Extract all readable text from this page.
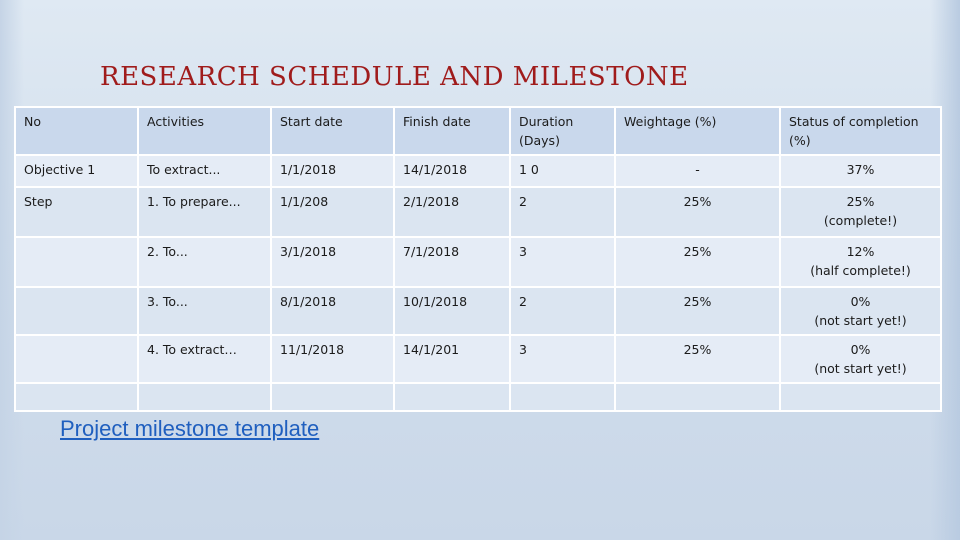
RESEARCH SCHEDULE AND MILESTONE
No	Activities	Start date	Finish date	Duration
(Days)	Weightage (%)	Status of completion
(%)

Objective 1	To extract...	1/1/2018	14/1/2018	1 0	-	37%

Step	1. To prepare...	1/1/208	2/1/2018	2	25%	25%
(complete!)

	2. To...	3/1/2018	7/1/2018	3	25%	12%
(half complete!)

	3. To...	8/1/2018	10/1/2018	2	25%	0%
(not start yet!)

	4. To extract…	11/1/2018	14/1/201	3	25%	0%
(not start yet!)

Project milestone template
